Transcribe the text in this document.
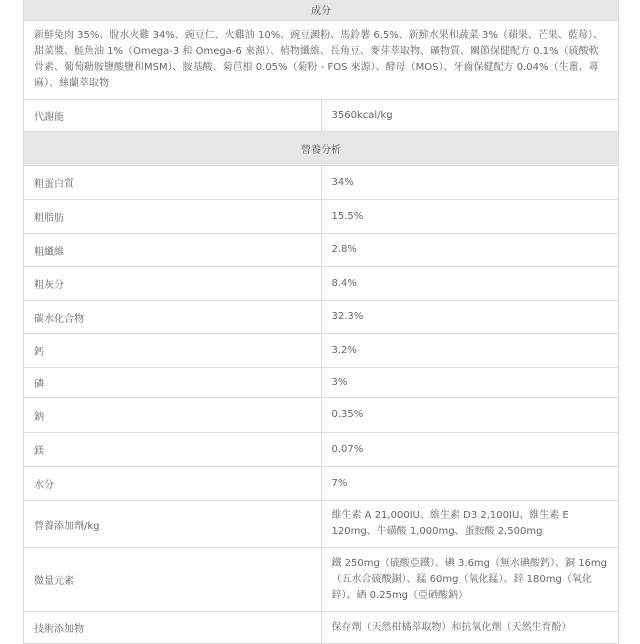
成分	
新鮮兔肉 35%、脫水火雞 34%、豌豆仁、火雞油 10%、豌豆澱粉、馬鈴薯 6.5%、新鮮水果和蔬菜 3%（蘋果、芒果、藍莓）、甜菜漿、鮭魚油 1%（Omega-3 和 Omega-6 來源）、植物纖維、長角豆、麥芽萃取物、礦物質、關節保健配方 0.1%（硫酸軟骨素、葡萄糖胺鹽酸鹽和MSM）、胺基酸、菊苣根 0.05%（菊粉 - FOS 來源）、酵母（MOS）、牙齒保健配方 0.04%（生薑、蕁麻）、絲蘭萃取物	
代謝能	3560kcal/kg
營養分析	
粗蛋白質	34%
粗脂肪	15.5%
粗纖維	2.8%
粗灰分	8.4%
碳水化合物	32.3%
鈣	3.2%
磷	3%
鈉	0.35%
鎂	0.07%
水分	7%
營養添加劑/kg	維生素 A 21,000IU、維生素 D3 2,100IU、維生素 E 120mg、牛磺酸 1,000mg、蛋胺酸 2,500mg
微量元素	鐵 250mg（硫酸亞鐵）、碘 3.6mg（無水碘酸鈣）、銅 16mg（五水合硫酸銅）、錳 60mg（氧化錳）、鋅 180mg（氧化鋅）、硒 0.25mg（亞硒酸鈉）
技術添加物	保存劑（天然柑橘萃取物）和抗氧化劑（天然生育酚）
